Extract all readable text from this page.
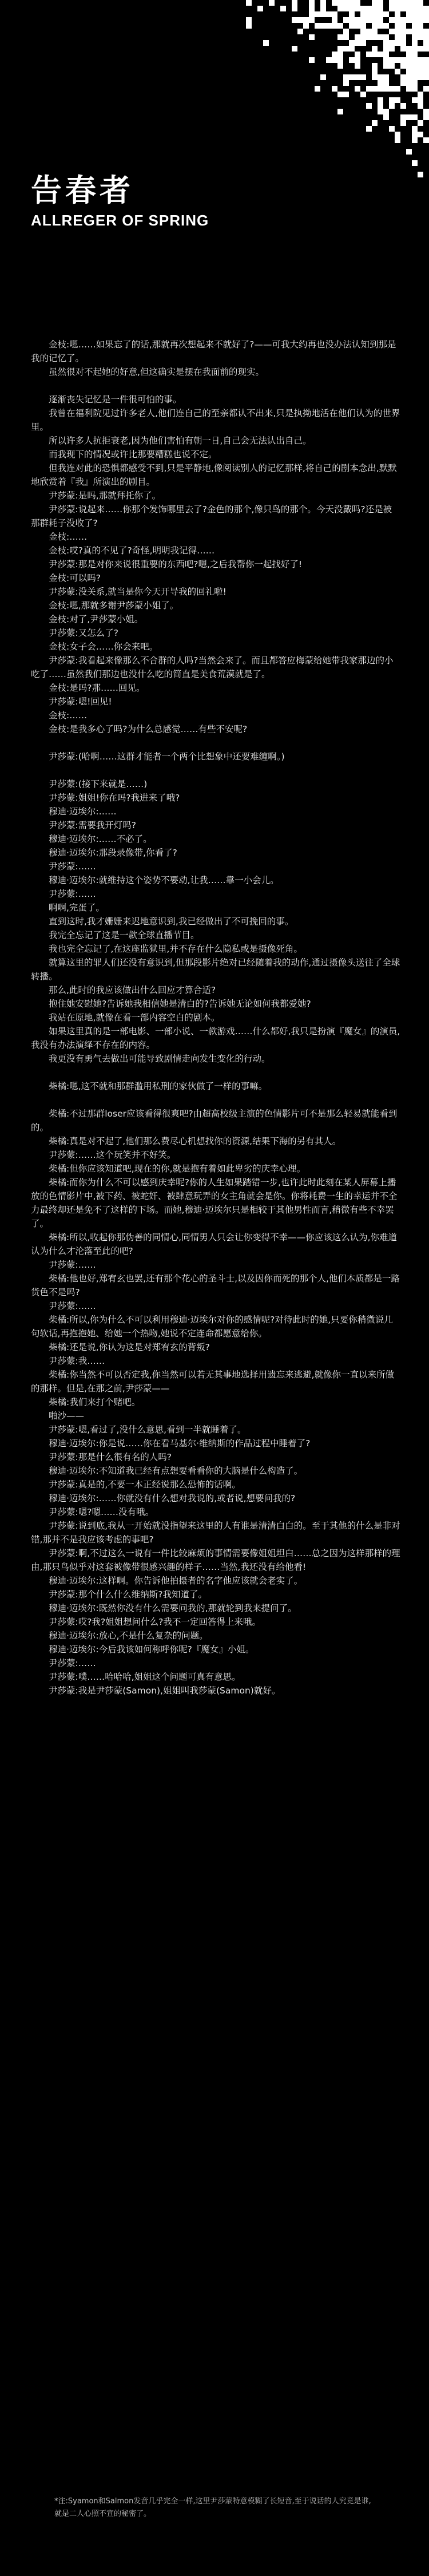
告春者
ALLREGER OF SPRING

金枝:嗯……如果忘了的话,那就再次想起来不就好了?——可我大约再也没办法认知到那是我的记忆了。

虽然很对不起她的好意,但这确实是摆在我面前的现实。

逐渐丧失记忆是一件很可怕的事。

我曾在福利院见过许多老人,他们连自己的至亲都认不出来,只是执拗地活在他们认为的世界里。

所以许多人抗拒衰老,因为他们害怕有朝一日,自己会无法认出自己。

而我现下的情况或许比那要糟糕也说不定。

但我连对此的恐惧都感受不到,只是平静地,像阅读别人的记忆那样,将自己的剧本念出,默默地欣赏着『我』所演出的剧目。

尹莎蒙:是吗,那就拜托你了。

尹莎蒙:说起来……你那个发饰哪里去了?金色的那个,像只鸟的那个。今天没戴吗?还是被那群耗子没收了?

金枝:……

金枝:哎?真的不见了?奇怪,明明我记得……

尹莎蒙:那是对你来说很重要的东西吧?嗯,之后我帮你一起找好了!

金枝:可以吗?

尹莎蒙:没关系,就当是你今天开导我的回礼啦!

金枝:嗯,那就多谢尹莎蒙小姐了。

金枝:对了,尹莎蒙小姐。

尹莎蒙:又怎么了?

金枝:女子会……你会来吧。

尹莎蒙:我看起来像那么不合群的人吗?当然会来了。而且都答应梅蒙给她带我家那边的小吃了……虽然我们那边也没什么吃的简直是美食荒漠就是了。

金枝:是吗?那……回见。

尹莎蒙:嗯!回见!

金枝:……

金枝:是我多心了吗?为什么总感觉……有些不安呢?

尹莎蒙:(哈啊……这群才能者一个两个比想象中还要难缠啊。)

尹莎蒙:(接下来就是……)

尹莎蒙:姐姐!你在吗?我进来了哦?

穆迪·迈埃尔:……

尹莎蒙:需要我开灯吗?

穆迪·迈埃尔:……不必了。

穆迪·迈埃尔:那段录像带,你看了?

尹莎蒙:……

穆迪·迈埃尔:就维持这个姿势不要动,让我……靠一小会儿。

尹莎蒙:……

啊啊,完蛋了。

直到这时,我才姗姗来迟地意识到,我已经做出了不可挽回的事。

我完全忘记了这是一款全球直播节目。

我也完全忘记了,在这座监狱里,并不存在什么隐私或是摄像死角。

就算这里的罪人们还没有意识到,但那段影片绝对已经随着我的动作,通过摄像头送往了全球转播。

那么,此时的我应该做出什么回应才算合适?

抱住她安慰她?告诉她我相信她是清白的?告诉她无论如何我都爱她?

我站在原地,就像在看一部内容空白的剧本。

如果这里真的是一部电影、一部小说、一款游戏……什么都好,我只是扮演『魔女』的演员,我没有办法演绎不存在的内容。

我更没有勇气去做出可能导致剧情走向发生变化的行动。

柴橘:嗯,这不就和那群滥用私刑的家伙做了一样的事嘛。

柴橘:不过那群loser应该看得很爽吧?由超高校级主演的色情影片可不是那么轻易就能看到的。

柴橘:真是对不起了,他们那么费尽心机想找你的资源,结果下海的另有其人。

尹莎蒙:……这个玩笑并不好笑。

柴橘:但你应该知道吧,现在的你,就是抱有着如此卑劣的庆幸心理。

柴橘:而你为什么不可以感到庆幸呢?你的人生如果踏错一步,也许此时此刻在某人屏幕上播放的色情影片中,被下药、被蛇奸、被肆意玩弄的女主角就会是你。你将耗费一生的幸运并不全力最终却还是免不了这样的下场。而她,穆迪·迈埃尔只是相较于其他男性而言,稍微有些不幸罢了。

柴橘:所以,收起你那伪善的同情心,同情男人只会让你变得不幸——你应该这么认为,你难道认为什么才沦落至此的吧?

尹莎蒙:……

柴橘:他也好,郑宥玄也罢,还有那个花心的圣斗士,以及因你而死的那个人,他们本质都是一路货色不是吗?

尹莎蒙:……

柴橘:所以,你为什么不可以利用穆迪·迈埃尔对你的感情呢?对待此时的她,只要你稍微说几句软话,再抱抱她、给她一个热吻,她说不定连命都愿意给你。

柴橘:还是说,你认为这是对郑宥玄的背叛?

尹莎蒙:我……

柴橘:你当然不可以否定我,你当然可以若无其事地选择用遗忘来逃避,就像你一直以来所做的那样。但是,在那之前,尹莎蒙——

柴橘:我们来打个赌吧。

啪沙——

尹莎蒙:嗯,看过了,没什么意思,看到一半就睡着了。

穆迪·迈埃尔:你是说……你在看马基尔·维纳斯的作品过程中睡着了?

尹莎蒙:那是什么很有名的人吗?

穆迪·迈埃尔:不知道我已经有点想要看看你的大脑是什么构造了。

尹莎蒙:真是的,不要一本正经说那么恐怖的话啊。

穆迪·迈埃尔:……你就没有什么想对我说的,或者说,想要问我的?

尹莎蒙:嗯?嗯……没有哦。

尹莎蒙:说到底,我从一开始就没指望来这里的人有谁是清清白白的。至于其他的什么是非对错,那并不是我应该考虑的事吧?

尹莎蒙:啊,不过这么一说有一件比较麻烦的事情需要像姐姐坦白……总之因为这样那样的理由,那只鸟似乎对这套被像带很感兴趣的样子……当然,我还没有给他看!

穆迪·迈埃尔:这样啊。你告诉他拍摄者的名字他应该就会老实了。

尹莎蒙:那个什么什么维纳斯?我知道了。

穆迪·迈埃尔:既然你没有什么需要问我的,那就轮到我来提问了。

尹莎蒙:哎?我?姐姐想问什么?我不一定回答得上来哦。

穆迪·迈埃尔:放心,不是什么复杂的问题。

穆迪·迈埃尔:今后我该如何称呼你呢?『魔女』小姐。

尹莎蒙:……

尹莎蒙:噗……哈哈哈,姐姐这个问题可真有意思。

尹莎蒙:我是尹莎蒙(Samon),姐姐叫我莎蒙(Samon)就好。

*注:Syamon和Salmon发音几乎完全一样,这里尹莎蒙特意模糊了长短音,至于说话的人究竟是谁,就是二人心照不宣的秘密了。
